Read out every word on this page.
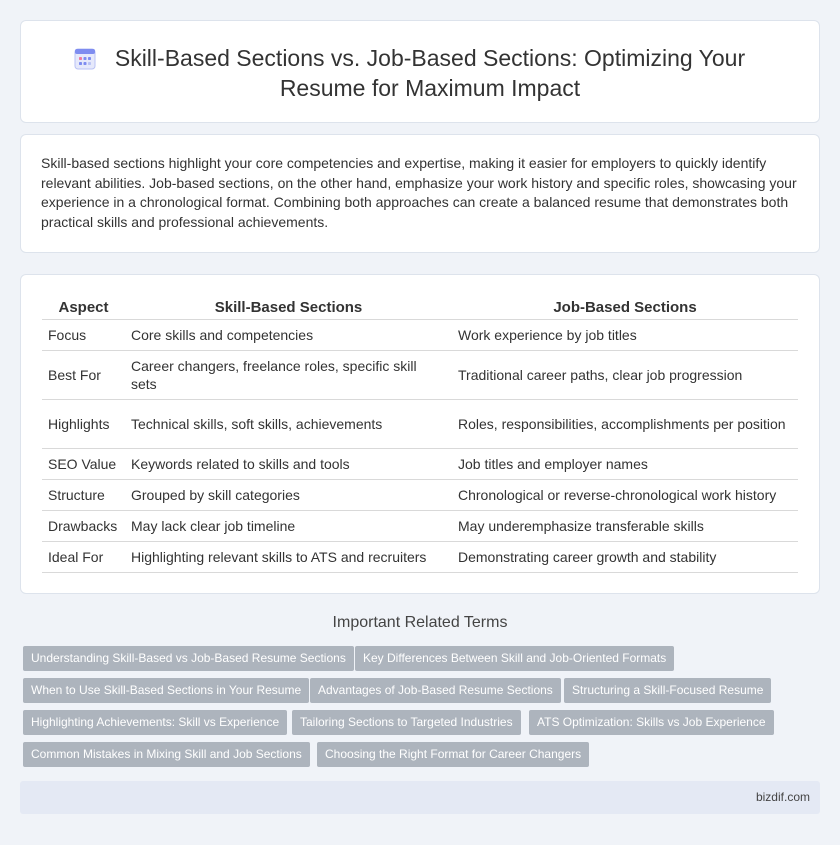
Skill-Based Sections vs. Job-Based Sections: Optimizing Your Resume for Maximum Impact

Skill-based sections highlight your core competencies and expertise, making it easier for employers to quickly identify relevant abilities. Job-based sections, on the other hand, emphasize your work history and specific roles, showcasing your experience in a chronological format. Combining both approaches can create a balanced resume that demonstrates both practical skills and professional achievements.

Aspect	Skill-Based Sections	Job-Based Sections
Focus	Core skills and competencies	Work experience by job titles
Best For	Career changers, freelance roles, specific skill sets	Traditional career paths, clear job progression
Highlights	Technical skills, soft skills, achievements	Roles, responsibilities, accomplishments per position
SEO Value	Keywords related to skills and tools	Job titles and employer names
Structure	Grouped by skill categories	Chronological or reverse-chronological work history
Drawbacks	May lack clear job timeline	May underemphasize transferable skills
Ideal For	Highlighting relevant skills to ATS and recruiters	Demonstrating career growth and stability
Important Related Terms
Understanding Skill-Based vs Job-Based Resume Sections	Key Differences Between Skill and Job-Oriented Formats
When to Use Skill-Based Sections in Your Resume	Advantages of Job-Based Resume Sections	Structuring a Skill-Focused Resume
Highlighting Achievements: Skill vs Experience	Tailoring Sections to Targeted Industries	ATS Optimization: Skills vs Job Experience
Common Mistakes in Mixing Skill and Job Sections	Choosing the Right Format for Career Changers
bizdif.com
